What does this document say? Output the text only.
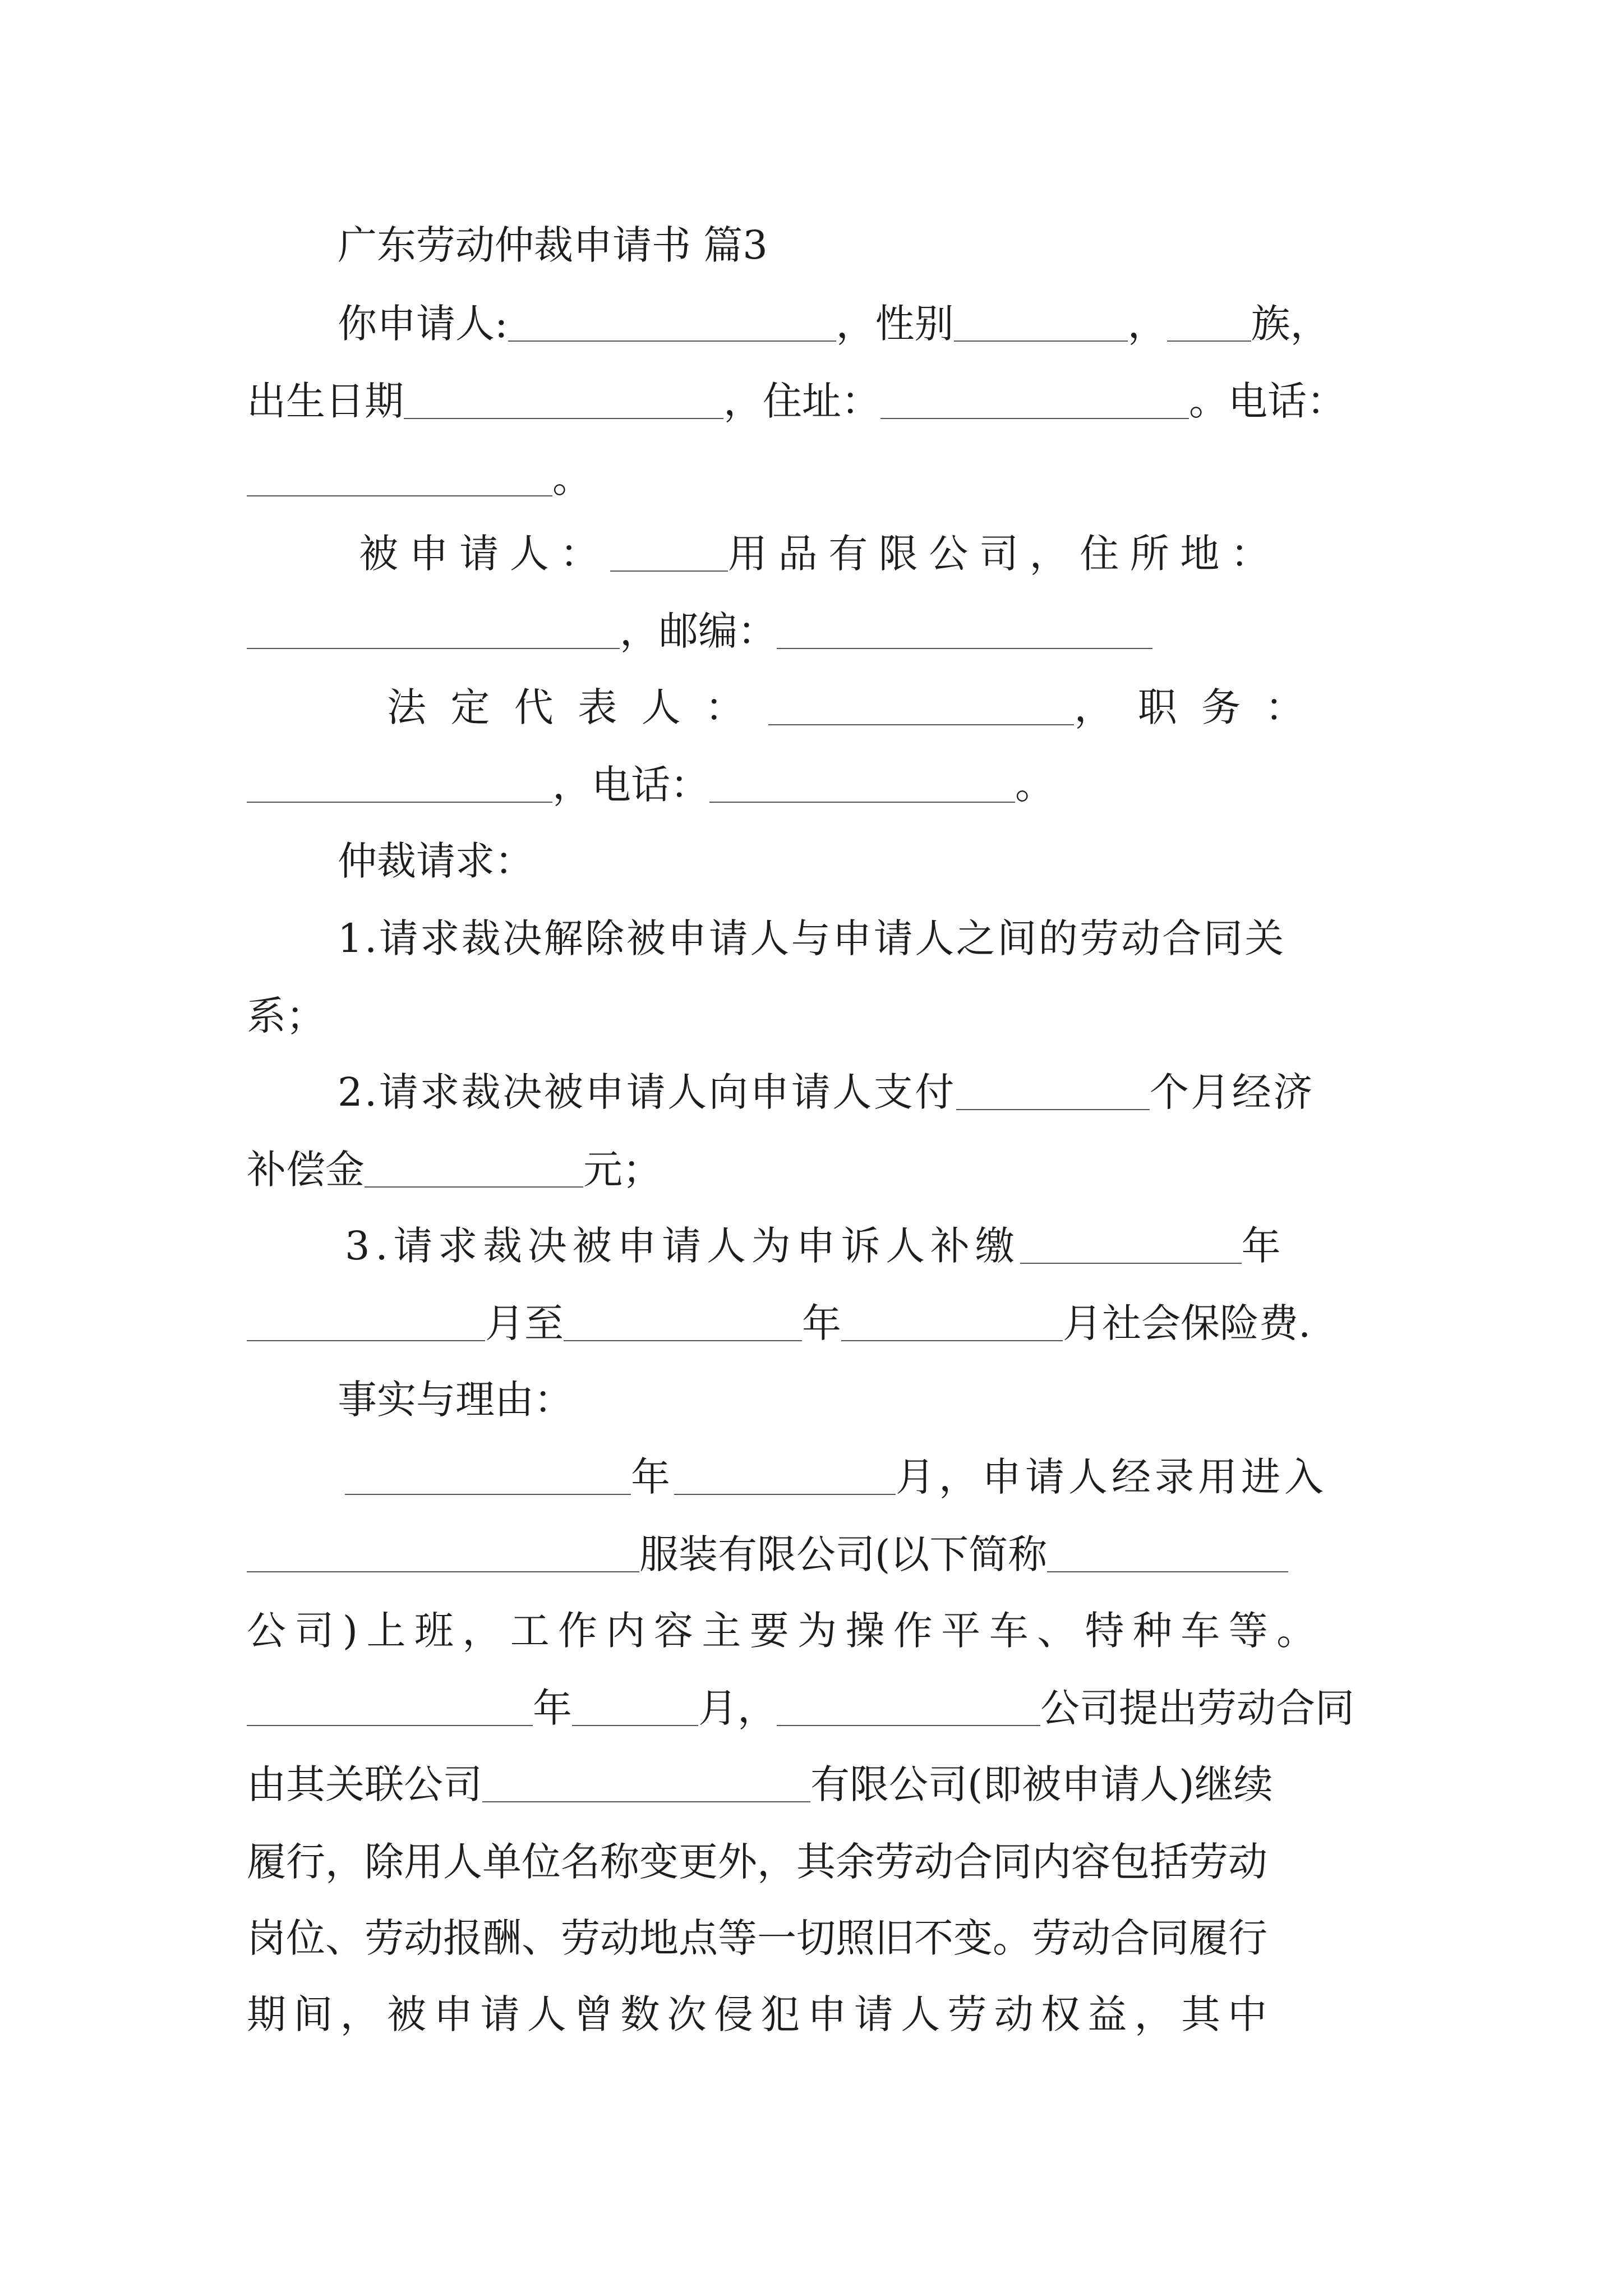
广东劳动仲裁申请书 篇3
你申请人:	，性别	， 族，
出生日期	，住址：	。电话：
。
被申请人：	用品有限公司，住所地：
，邮编：
法定代表人：	，职务：
，电话：	。
仲裁请求：
1.请求裁决解除被申请人与申请人之间的劳动合同关
系；
2.请求裁决被申请人向申请人支付	个月经济
补偿金	元；
3.请求裁决被申请人为申诉人补缴	年
月至	年	月社会保险费.
事实与理由：
年	月，申请人经录用进入
服装有限公司(以下简称
公司)上班，工作内容主要为操作平车、特种车等。
年	月，	公司提出劳动合同
由其关联公司	有限公司(即被申请人)继续
履行，除用人单位名称变更外，其余劳动合同内容包括劳动
岗位、劳动报酬、劳动地点等一切照旧不变。劳动合同履行
期间，被申请人曾数次侵犯申请人劳动权益，其中
